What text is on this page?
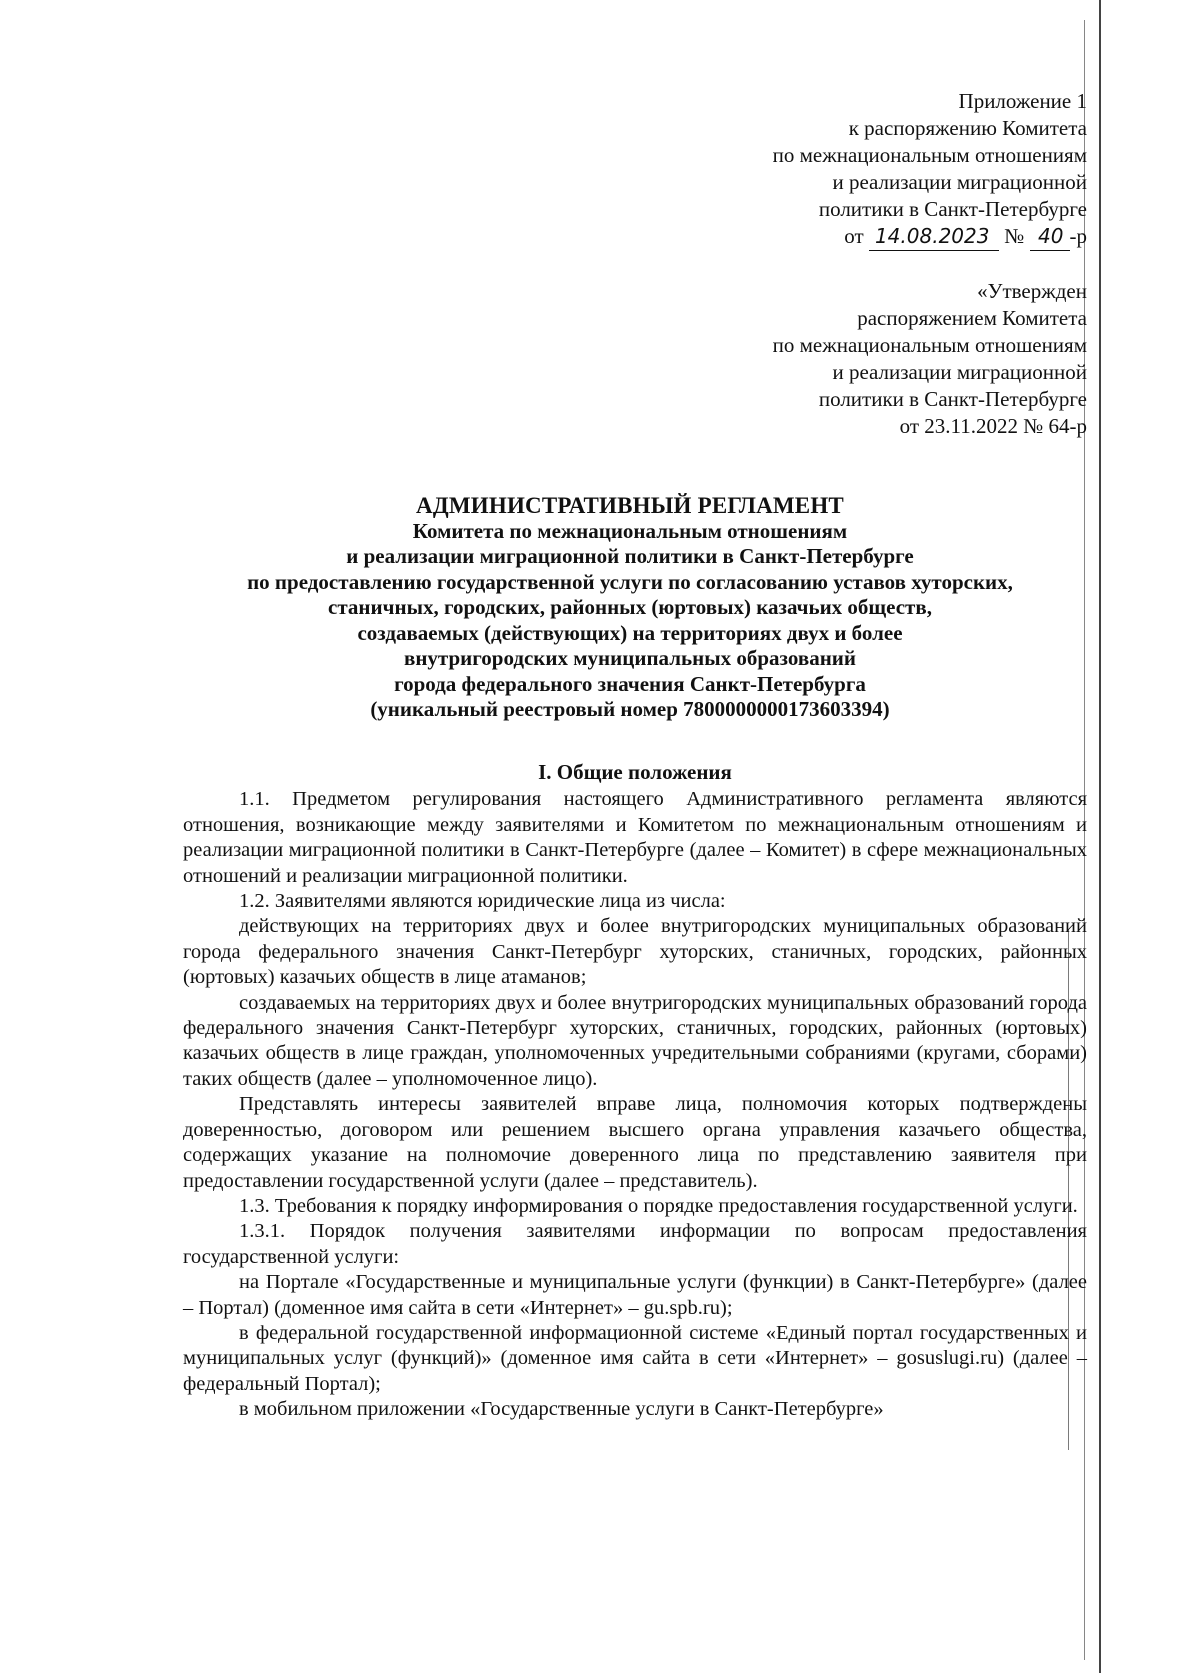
Приложение 1
к распоряжению Комитета
по межнациональным отношениям
и реализации миграционной
политики в Санкт-Петербурге
от 14.08.2023 № 40 -р
«Утвержден
распоряжением Комитета
по межнациональным отношениям
и реализации миграционной
политики в Санкт-Петербурге
от 23.11.2022 № 64-р
АДМИНИСТРАТИВНЫЙ РЕГЛАМЕНТ
Комитета по межнациональным отношениям
и реализации миграционной политики в Санкт-Петербурге
по предоставлению государственной услуги по согласованию уставов хуторских,
станичных, городских, районных (юртовых) казачьих обществ,
создаваемых (действующих) на территориях двух и более
внутригородских муниципальных образований
города федерального значения Санкт-Петербурга
(уникальный реестровый номер 7800000000173603394)

I. Общие положения

1.1. Предметом регулирования настоящего Административного регламента являются отношения, возникающие между заявителями и Комитетом по межнациональным отношениям и реализации миграционной политики в Санкт-Петербурге (далее – Комитет) в сфере межнациональных отношений и реализации миграционной политики.

1.2. Заявителями являются юридические лица из числа:

действующих на территориях двух и более внутригородских муниципальных образований города федерального значения Санкт-Петербург хуторских, станичных, городских, районных (юртовых) казачьих обществ в лице атаманов;

создаваемых на территориях двух и более внутригородских муниципальных образований города федерального значения Санкт-Петербург хуторских, станичных, городских, районных (юртовых) казачьих обществ в лице граждан, уполномоченных учредительными собраниями (кругами, сборами) таких обществ (далее – уполномоченное лицо).

Представлять интересы заявителей вправе лица, полномочия которых подтверждены доверенностью, договором или решением высшего органа управления казачьего общества, содержащих указание на полномочие доверенного лица по представлению заявителя при предоставлении государственной услуги (далее – представитель).

1.3. Требования к порядку информирования о порядке предоставления государственной услуги.

1.3.1. Порядок получения заявителями информации по вопросам предоставления государственной услуги:

на Портале «Государственные и муниципальные услуги (функции) в Санкт-Петербурге» (далее – Портал) (доменное имя сайта в сети «Интернет» – gu.spb.ru);

в федеральной государственной информационной системе «Единый портал государственных и муниципальных услуг (функций)» (доменное имя сайта в сети «Интернет» – gosuslugi.ru) (далее – федеральный Портал);

в мобильном приложении «Государственные услуги в Санкт-Петербурге»
